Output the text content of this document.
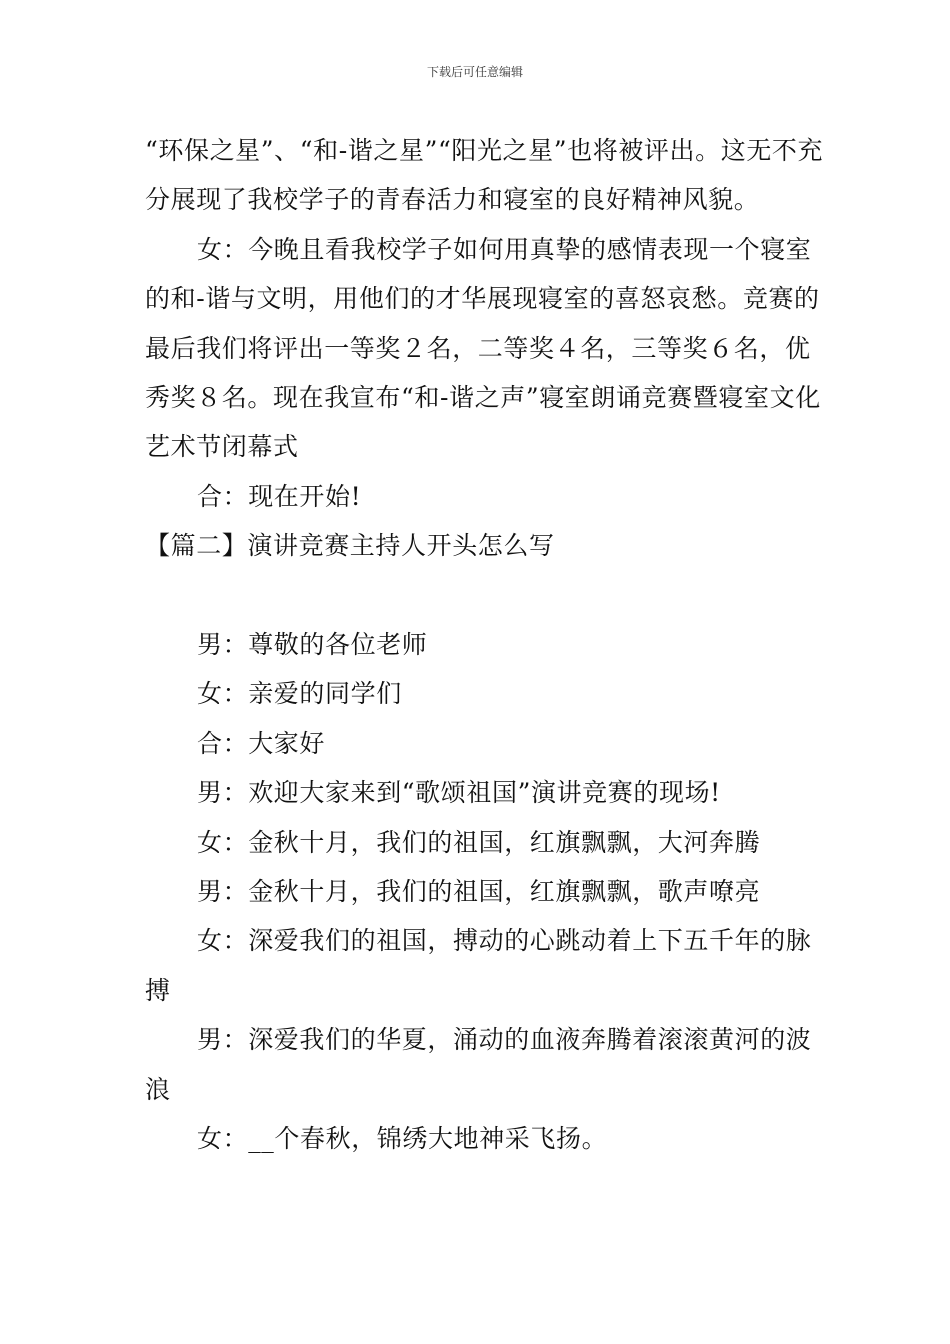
下载后可任意编辑

“环保之星”、“和-谐之星”“阳光之星”也将被评出。这无不充分展现了我校学子的青春活力和寝室的良好精神风貌。

女：今晚且看我校学子如何用真挚的感情表现一个寝室的和-谐与文明，用他们的才华展现寝室的喜怒哀愁。竞赛的最后我们将评出一等奖２名，二等奖４名，三等奖６名，优秀奖８名。现在我宣布“和-谐之声”寝室朗诵竞赛暨寝室文化艺术节闭幕式

合：现在开始!

【篇二】演讲竞赛主持人开头怎么写

男：尊敬的各位老师

女：亲爱的同学们

合：大家好

男：欢迎大家来到“歌颂祖国”演讲竞赛的现场!

女：金秋十月，我们的祖国，红旗飘飘，大河奔腾

男：金秋十月，我们的祖国，红旗飘飘，歌声嘹亮

女：深爱我们的祖国，搏动的心跳动着上下五千年的脉搏

男：深爱我们的华夏，涌动的血液奔腾着滚滚黄河的波浪

女：__个春秋，锦绣大地神采飞扬。
